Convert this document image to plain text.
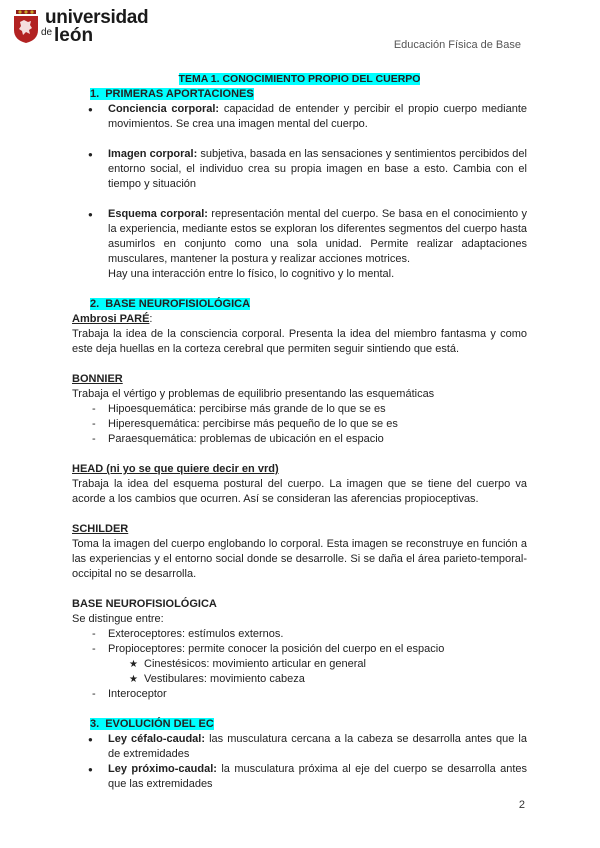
universidad
de león	Educación Física de Base

TEMA 1. CONOCIMIENTO PROPIO DEL CUERPO

1. PRIMERAS APORTACIONES

● Conciencia corporal: capacidad de entender y percibir el propio cuerpo mediante movimientos. Se crea una imagen mental del cuerpo.
● Imagen corporal: subjetiva, basada en las sensaciones y sentimientos percibidos del entorno social, el individuo crea su propia imagen en base a esto. Cambia con el tiempo y situación
● Esquema corporal: representación mental del cuerpo. Se basa en el conocimiento y la experiencia, mediante estos se exploran los diferentes segmentos del cuerpo hasta asumirlos en conjunto como una sola unidad. Permite realizar adaptaciones musculares, mantener la postura y realizar acciones motrices.
Hay una interacción entre lo físico, lo cognitivo y lo mental.

2. BASE NEUROFISIOLÓGICA

Ambrosi PARÉ:

Trabaja la idea de la consciencia corporal. Presenta la idea del miembro fantasma y como este deja huellas en la corteza cerebral que permiten seguir sintiendo que está.

BONNIER

Trabaja el vértigo y problemas de equilibrio presentando las esquemáticas

- Hipoesquemática: percibirse más grande de lo que se es
- Hiperesquemática: percibirse más pequeño de lo que se es
- Paraesquemática: problemas de ubicación en el espacio
HEAD (ni yo se que quiere decir en vrd)

Trabaja la idea del esquema postural del cuerpo. La imagen que se tiene del cuerpo va acorde a los cambios que ocurren. Así se consideran las aferencias propioceptivas.

SCHILDER

Toma la imagen del cuerpo englobando lo corporal. Esta imagen se reconstruye en función a las experiencias y el entorno social donde se desarrolle. Si se daña el área parieto-temporal-occipital no se desarrolla.

BASE NEUROFISIOLÓGICA

Se distingue entre:

- Exteroceptores: estímulos externos.
- Propioceptores: permite conocer la posición del cuerpo en el espacio
★ Cinestésicos: movimiento articular en general
★ Vestibulares: movimiento cabeza
- Interoceptor

3. EVOLUCIÓN DEL EC

● Ley céfalo-caudal: las musculatura cercana a la cabeza se desarrolla antes que la de extremidades
● Ley próximo-caudal: la musculatura próxima al eje del cuerpo se desarrolla antes que las extremidades
2
